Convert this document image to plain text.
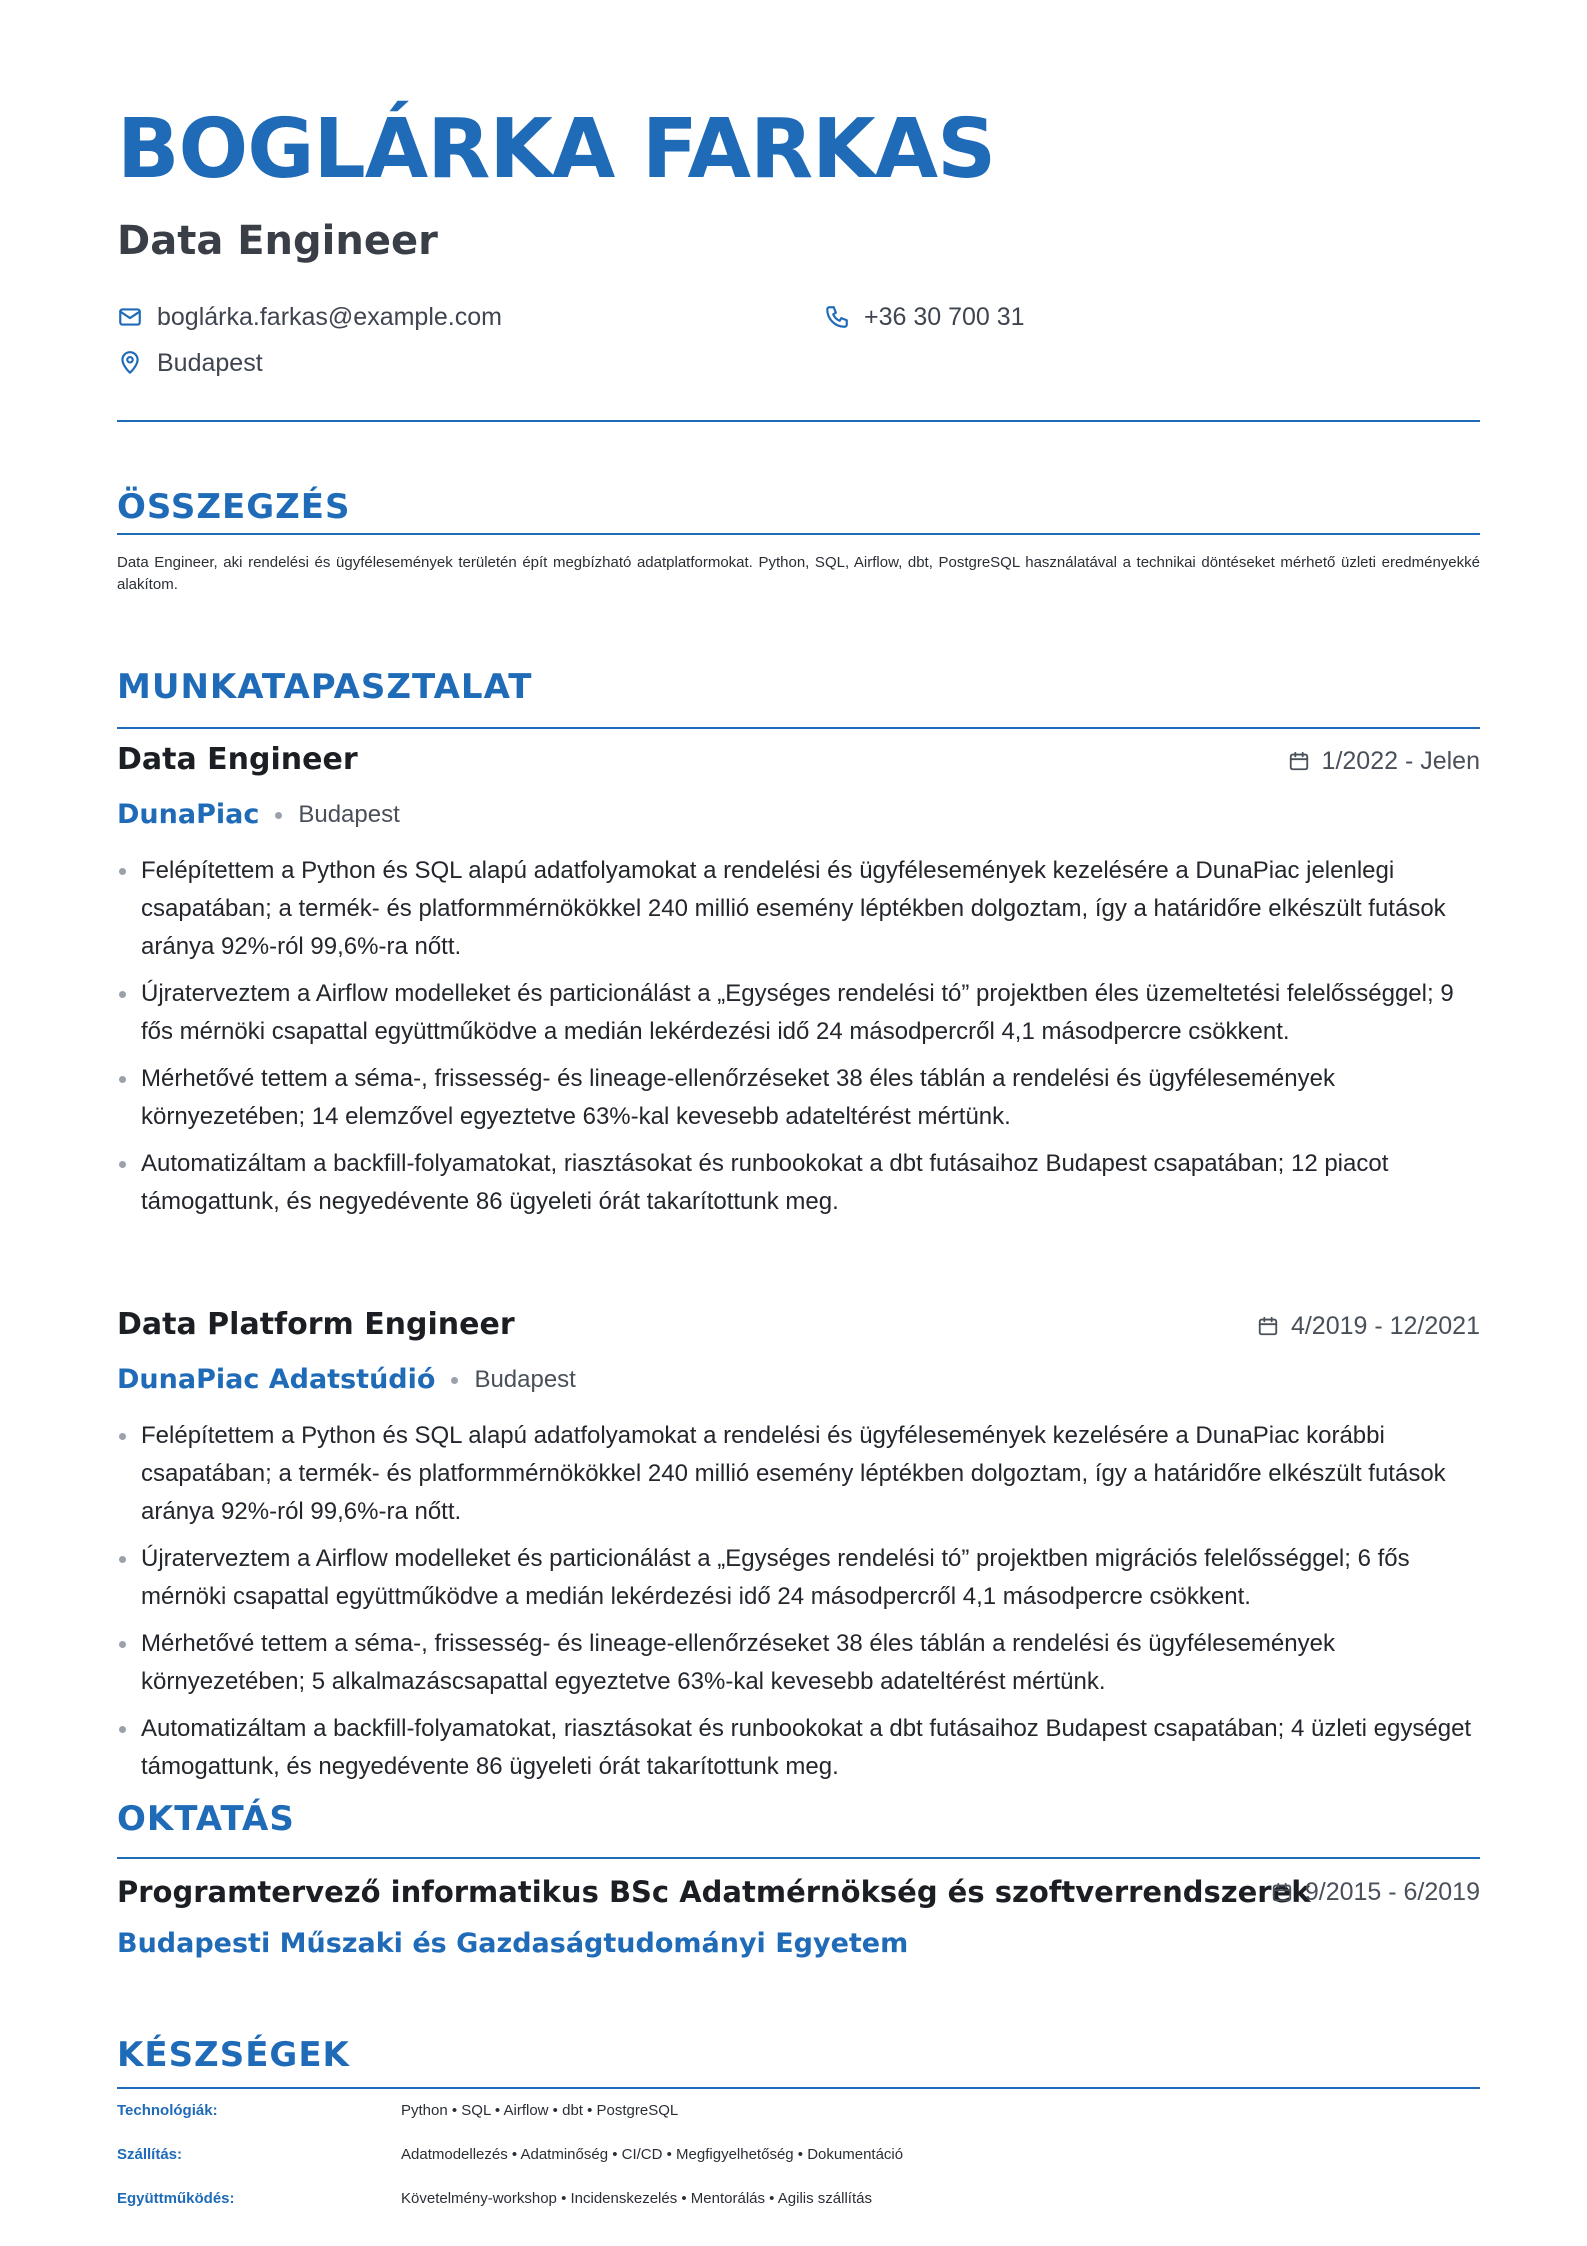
BOGLÁRKA FARKAS
Data Engineer
boglárka.farkas@example.com	+36 30 700 31
Budapest
ÖSSZEGZÉS
Data Engineer, aki rendelési és ügyfélesemények területén épít megbízható adatplatformokat. Python, SQL, Airflow, dbt, PostgreSQL használatával a technikai döntéseket mérhető üzleti eredményekké alakítom.
MUNKATAPASZTALAT
Data Engineer	1/2022 - Jelen
DunaPiac Budapest
Felépítettem a Python és SQL alapú adatfolyamokat a rendelési és ügyfélesemények kezelésére a DunaPiac jelenlegi csapatában; a termék- és platformmérnökökkel 240 millió esemény léptékben dolgoztam, így a határidőre elkészült futások aránya 92%-ról 99,6%-ra nőtt.
Újraterveztem a Airflow modelleket és particionálást a „Egységes rendelési tó” projektben éles üzemeltetési felelősséggel; 9 fős mérnöki csapattal együttműködve a medián lekérdezési idő 24 másodpercről 4,1 másodpercre csökkent.
Mérhetővé tettem a séma-, frissesség- és lineage-ellenőrzéseket 38 éles táblán a rendelési és ügyfélesemények környezetében; 14 elemzővel egyeztetve 63%-kal kevesebb adateltérést mértünk.
Automatizáltam a backfill-folyamatokat, riasztásokat és runbookokat a dbt futásaihoz Budapest csapatában; 12 piacot támogattunk, és negyedévente 86 ügyeleti órát takarítottunk meg.
Data Platform Engineer	4/2019 - 12/2021
DunaPiac Adatstúdió Budapest
Felépítettem a Python és SQL alapú adatfolyamokat a rendelési és ügyfélesemények kezelésére a DunaPiac korábbi csapatában; a termék- és platformmérnökökkel 240 millió esemény léptékben dolgoztam, így a határidőre elkészült futások aránya 92%-ról 99,6%-ra nőtt.
Újraterveztem a Airflow modelleket és particionálást a „Egységes rendelési tó” projektben migrációs felelősséggel; 6 fős mérnöki csapattal együttműködve a medián lekérdezési idő 24 másodpercről 4,1 másodpercre csökkent.
Mérhetővé tettem a séma-, frissesség- és lineage-ellenőrzéseket 38 éles táblán a rendelési és ügyfélesemények környezetében; 5 alkalmazáscsapattal egyeztetve 63%-kal kevesebb adateltérést mértünk.
Automatizáltam a backfill-folyamatokat, riasztásokat és runbookokat a dbt futásaihoz Budapest csapatában; 4 üzleti egységet támogattunk, és negyedévente 86 ügyeleti órát takarítottunk meg.
OKTATÁS
Programtervező informatikus BSc Adatmérnökség és szoftverrendszerek
9/2015 - 6/2019
Budapesti Műszaki és Gazdaságtudományi Egyetem
KÉSZSÉGEK
Technológiák:	Python • SQL • Airflow • dbt • PostgreSQL
Szállítás:	Adatmodellezés • Adatminőség • CI/CD • Megfigyelhetőség • Dokumentáció
Együttműködés:	Követelmény-workshop • Incidenskezelés • Mentorálás • Agilis szállítás
